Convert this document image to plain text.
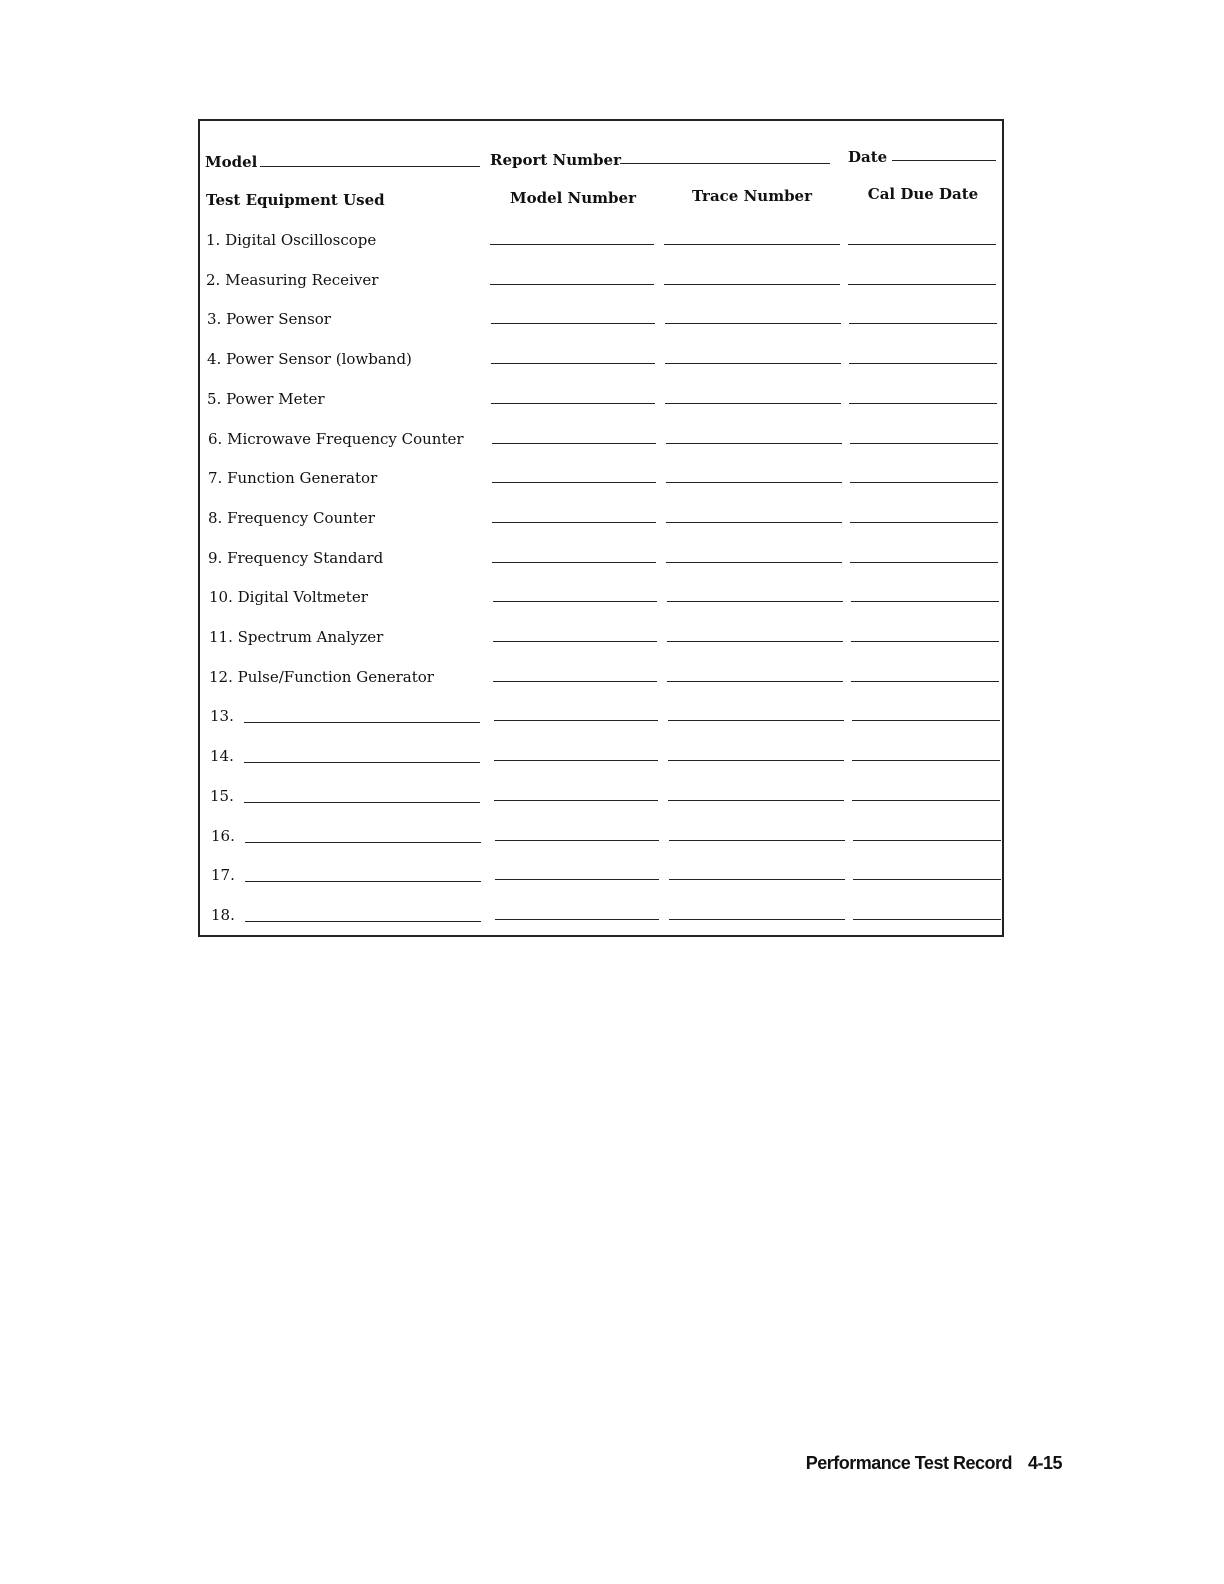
Model	Report Number	Date
Test Equipment Used	Model Number	Trace Number	Cal Due Date
1. Digital Oscilloscope
2. Measuring Receiver
3. Power Sensor
4. Power Sensor (lowband)
5. Power Meter
6. Microwave Frequency Counter
7. Function Generator
8. Frequency Counter
9. Frequency Standard
10. Digital Voltmeter
11. Spectrum Analyzer
12. Pulse/Function Generator
13.
14.
15.
16.
17.
18.
Performance Test Record 4-15
